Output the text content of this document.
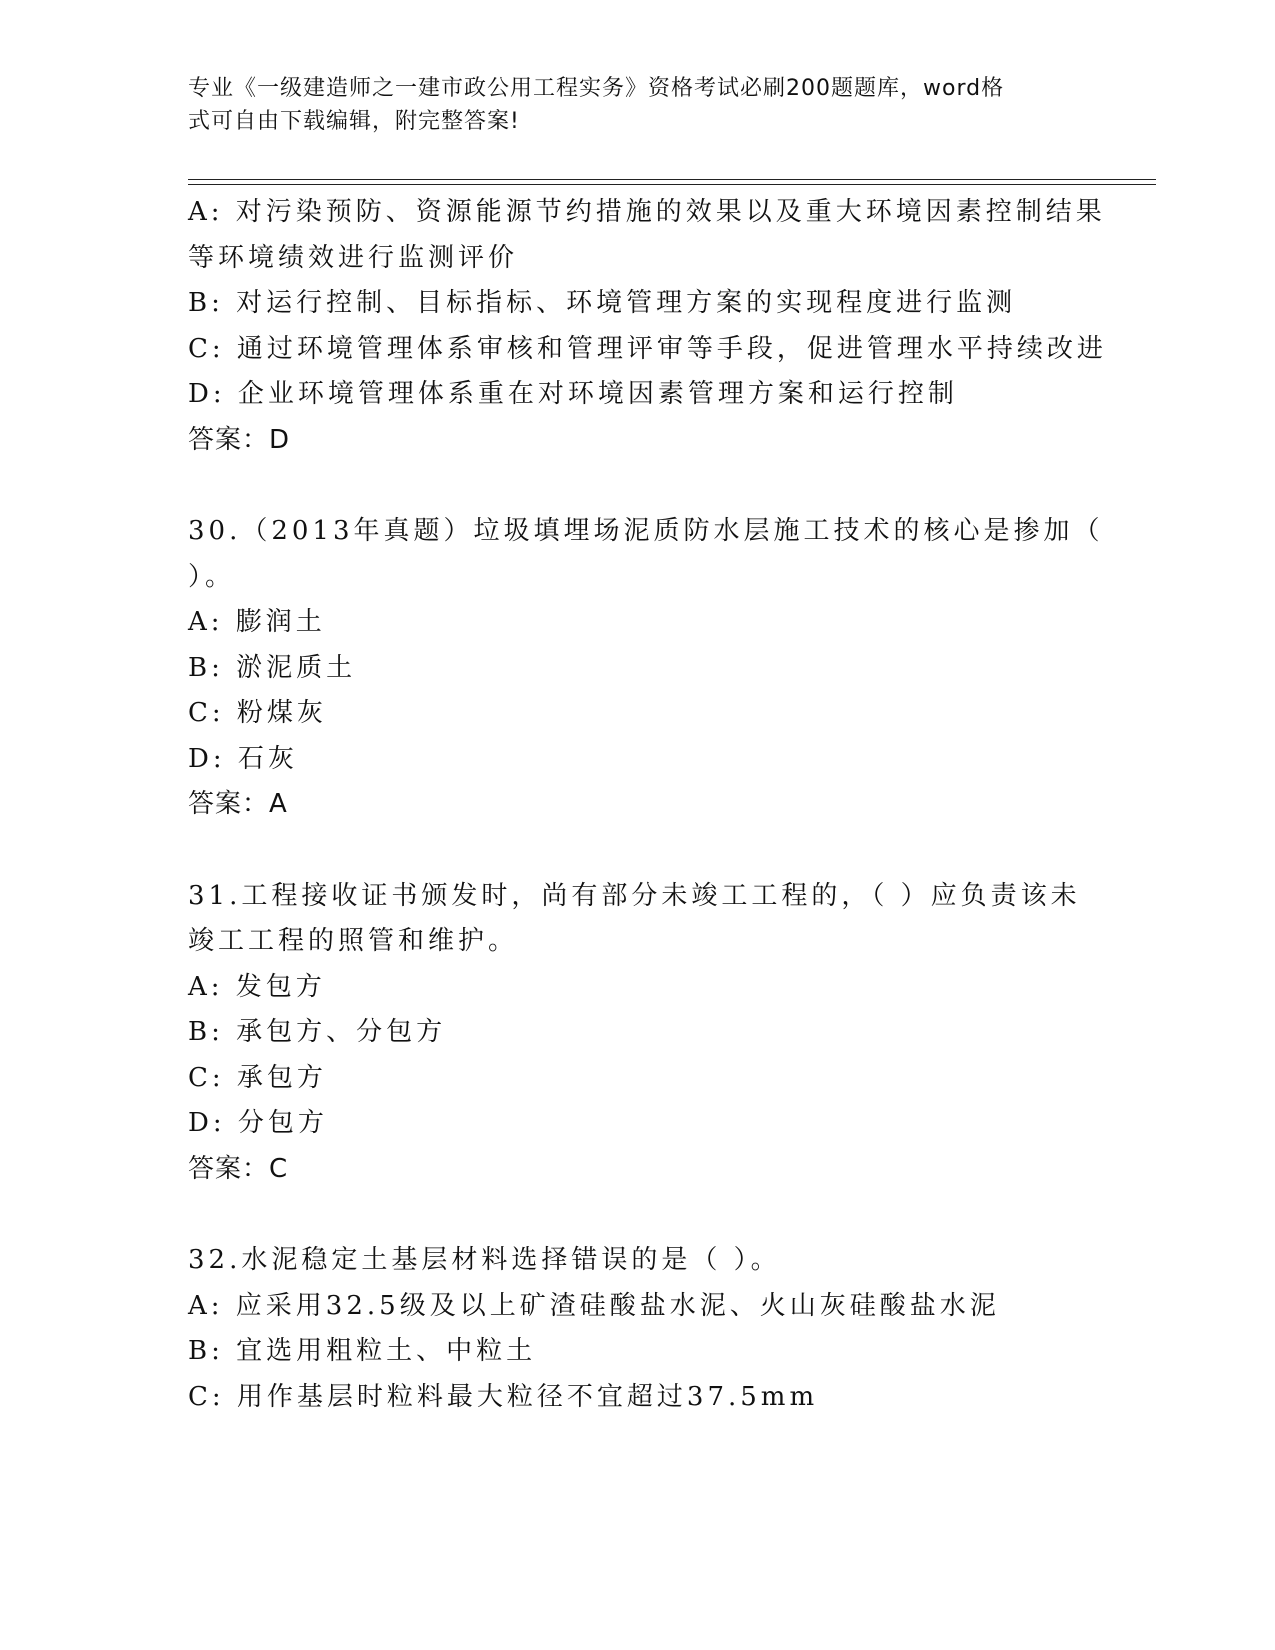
专业《一级建造师之一建市政公用工程实务》资格考试必刷200题题库，word格
式可自由下载编辑，附完整答案!
A: 对污染预防、资源能源节约措施的效果以及重大环境因素控制结果
等环境绩效进行监测评价
B: 对运行控制、目标指标、环境管理方案的实现程度进行监测
C: 通过环境管理体系审核和管理评审等手段，促进管理水平持续改进
D: 企业环境管理体系重在对环境因素管理方案和运行控制
答案：D
30.（2013年真题）垃圾填埋场泥质防水层施工技术的核心是掺加（
）。
A: 膨润土
B: 淤泥质土
C: 粉煤灰
D: 石灰
答案：A
31.工程接收证书颁发时，尚有部分未竣工工程的，（ ）应负责该未
竣工工程的照管和维护。
A: 发包方
B: 承包方、分包方
C: 承包方
D: 分包方
答案：C
32.水泥稳定土基层材料选择错误的是（ ）。
A: 应采用32.5级及以上矿渣硅酸盐水泥、火山灰硅酸盐水泥
B: 宜选用粗粒土、中粒土
C: 用作基层时粒料最大粒径不宜超过37.5mm
